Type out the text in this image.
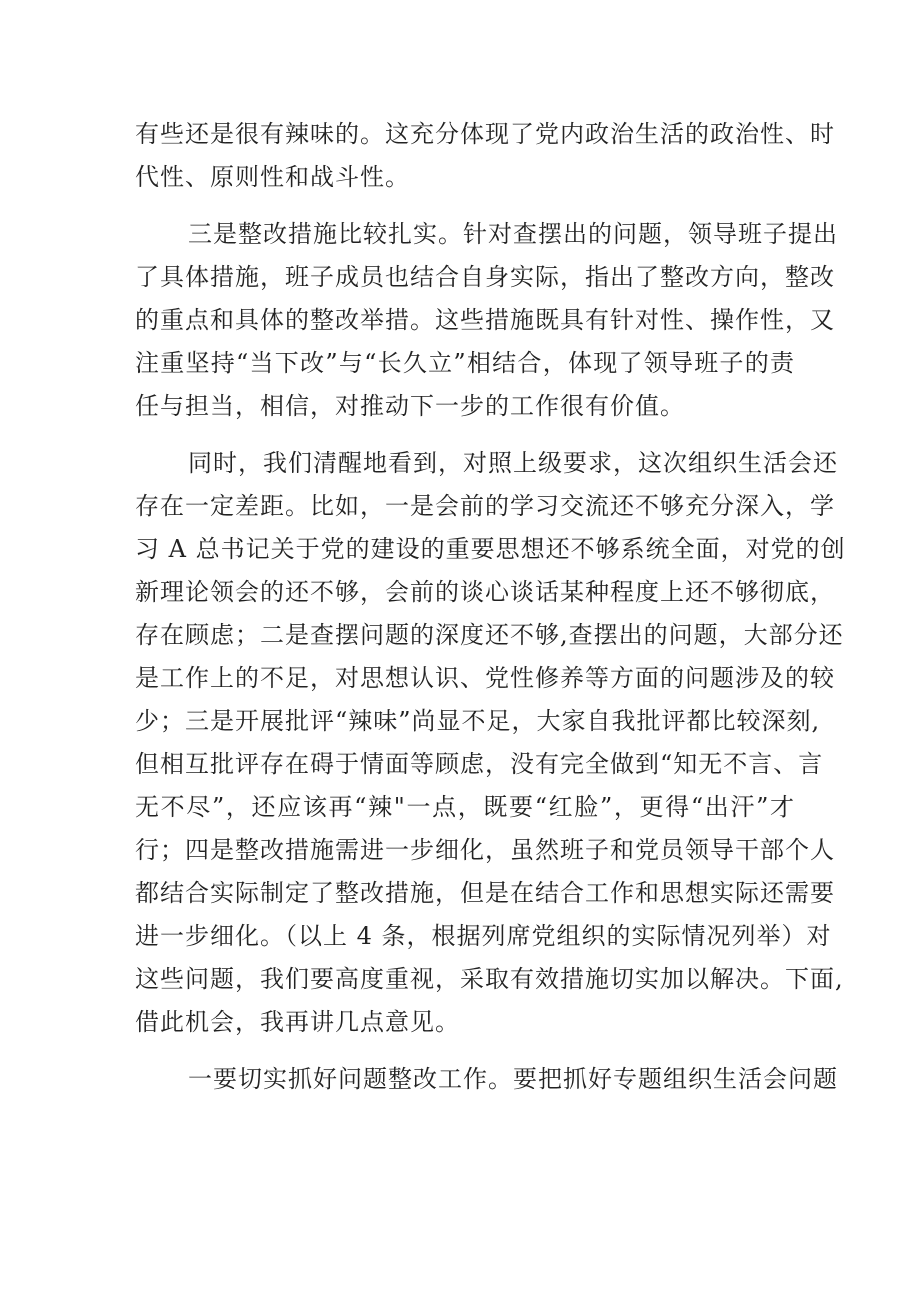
有些还是很有辣味的。这充分体现了党内政治生活的政治性、时
代性、原则性和战斗性。
三是整改措施比较扎实。针对查摆出的问题，领导班子提出
了具体措施，班子成员也结合自身实际，指出了整改方向，整改
的重点和具体的整改举措。这些措施既具有针对性、操作性，又
注重坚持“当下改”与“长久立”相结合，体现了领导班子的责
任与担当，相信，对推动下一步的工作很有价值。
同时，我们清醒地看到，对照上级要求，这次组织生活会还
存在一定差距。比如，一是会前的学习交流还不够充分深入，学
习 A 总书记关于党的建设的重要思想还不够系统全面，对党的创
新理论领会的还不够，会前的谈心谈话某种程度上还不够彻底，
存在顾虑；二是查摆问题的深度还不够,查摆出的问题，大部分还
是工作上的不足，对思想认识、党性修养等方面的问题涉及的较
少；三是开展批评“辣味”尚显不足，大家自我批评都比较深刻,
但相互批评存在碍于情面等顾虑，没有完全做到“知无不言、言
无不尽”，还应该再“辣"一点，既要“红脸”，更得“出汗”才
行；四是整改措施需进一步细化，虽然班子和党员领导干部个人
都结合实际制定了整改措施，但是在结合工作和思想实际还需要
进一步细化。（以上 4 条，根据列席党组织的实际情况列举）对
这些问题，我们要高度重视，采取有效措施切实加以解决。下面,
借此机会，我再讲几点意见。
一要切实抓好问题整改工作。要把抓好专题组织生活会问题
